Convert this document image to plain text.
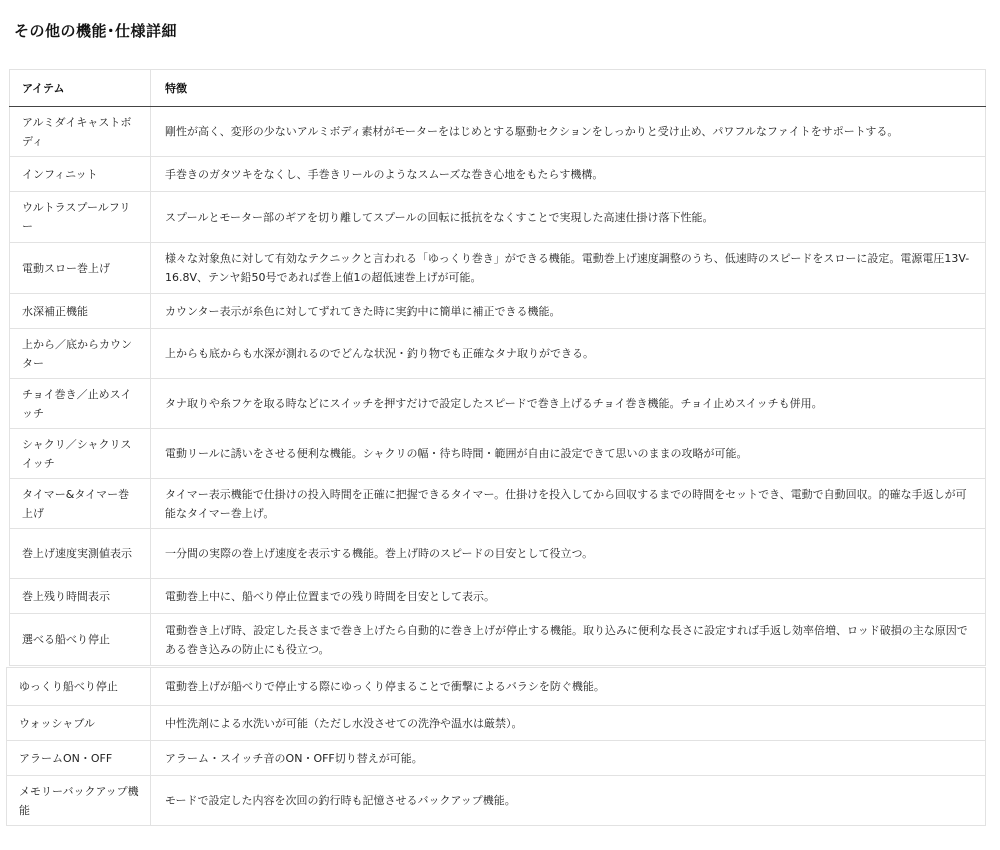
その他の機能･仕様詳細
アイテム	特徴
アルミダイキャストボディ	剛性が高く、変形の少ないアルミボディ素材がモーターをはじめとする駆動セクションをしっかりと受け止め、パワフルなファイトをサポートする。
インフィニット	手巻きのガタツキをなくし、手巻きリールのようなスムーズな巻き心地をもたらす機構。
ウルトラスプールフリー	スプールとモーター部のギアを切り離してスプールの回転に抵抗をなくすことで実現した高速仕掛け落下性能。
電動スロー巻上げ	様々な対象魚に対して有効なテクニックと言われる「ゆっくり巻き」ができる機能。電動巻上げ速度調整のうち、低速時のスピードをスローに設定。電源電圧13V-16.8V、テンヤ鉛50号であれば巻上値1の超低速巻上げが可能。
水深補正機能	カウンター表示が糸色に対してずれてきた時に実釣中に簡単に補正できる機能。
上から／底からカウンター	上からも底からも水深が測れるのでどんな状況・釣り物でも正確なタナ取りができる。
チョイ巻き／止めスイッチ	タナ取りや糸フケを取る時などにスイッチを押すだけで設定したスピードで巻き上げるチョイ巻き機能。チョイ止めスイッチも併用。
シャクリ／シャクリスイッチ	電動リールに誘いをさせる便利な機能。シャクリの幅・待ち時間・範囲が自由に設定できて思いのままの攻略が可能。
タイマー&タイマー巻上げ	タイマー表示機能で仕掛けの投入時間を正確に把握できるタイマー。仕掛けを投入してから回収するまでの時間をセットでき、電動で自動回収。的確な手返しが可能なタイマー巻上げ。
巻上げ速度実測値表示	一分間の実際の巻上げ速度を表示する機能。巻上げ時のスピードの目安として役立つ。
巻上残り時間表示	電動巻上中に、船べり停止位置までの残り時間を目安として表示。
選べる船べり停止	電動巻き上げ時、設定した長さまで巻き上げたら自動的に巻き上げが停止する機能。取り込みに便利な長さに設定すれば手返し効率倍増、ロッド破損の主な原因である巻き込みの防止にも役立つ。
ゆっくり船べり停止	電動巻上げが船べりで停止する際にゆっくり停まることで衝撃によるバラシを防ぐ機能。
ウォッシャブル	中性洗剤による水洗いが可能（ただし水没させての洗浄や温水は厳禁）。
アラームON・OFF	アラーム・スイッチ音のON・OFF切り替えが可能。
メモリーバックアップ機能	モードで設定した内容を次回の釣行時も記憶させるバックアップ機能。
